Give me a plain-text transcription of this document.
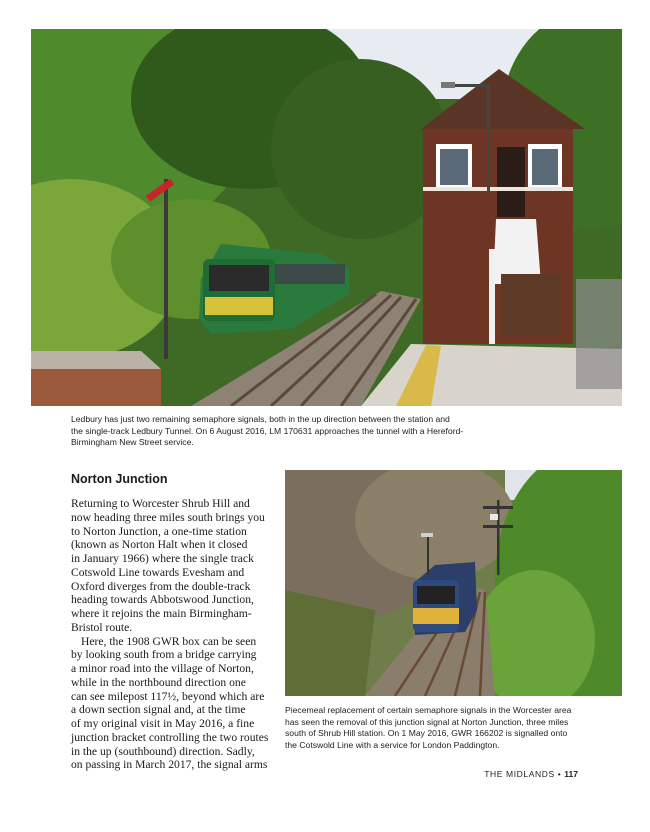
Ledbury has just two remaining semaphore signals, both in the up direction between the station and
the single-track Ledbury Tunnel. On 6 August 2016, LM 170631 approaches the tunnel with a Hereford-
Birmingham New Street service.
Norton Junction
Returning to Worcester Shrub Hill and
now heading three miles south brings you
to Norton Junction, a one-time station
(known as Norton Halt when it closed
in January 1966) where the single track
Cotswold Line towards Evesham and
Oxford diverges from the double-track
heading towards Abbotswood Junction,
where it rejoins the main Birmingham-
Bristol route.
Here, the 1908 GWR box can be seen
by looking south from a bridge carrying
a minor road into the village of Norton,
while in the northbound direction one
can see milepost 117½, beyond which are
a down section signal and, at the time
of my original visit in May 2016, a fine
junction bracket controlling the two routes
in the up (southbound) direction. Sadly,
on passing in March 2017, the signal arms
Piecemeal replacement of certain semaphore signals in the Worcester area
has seen the removal of this junction signal at Norton Junction, three miles
south of Shrub Hill station. On 1 May 2016, GWR 166202 is signalled onto
the Cotswold Line with a service for London Paddington.
THE MIDLANDS • 117
